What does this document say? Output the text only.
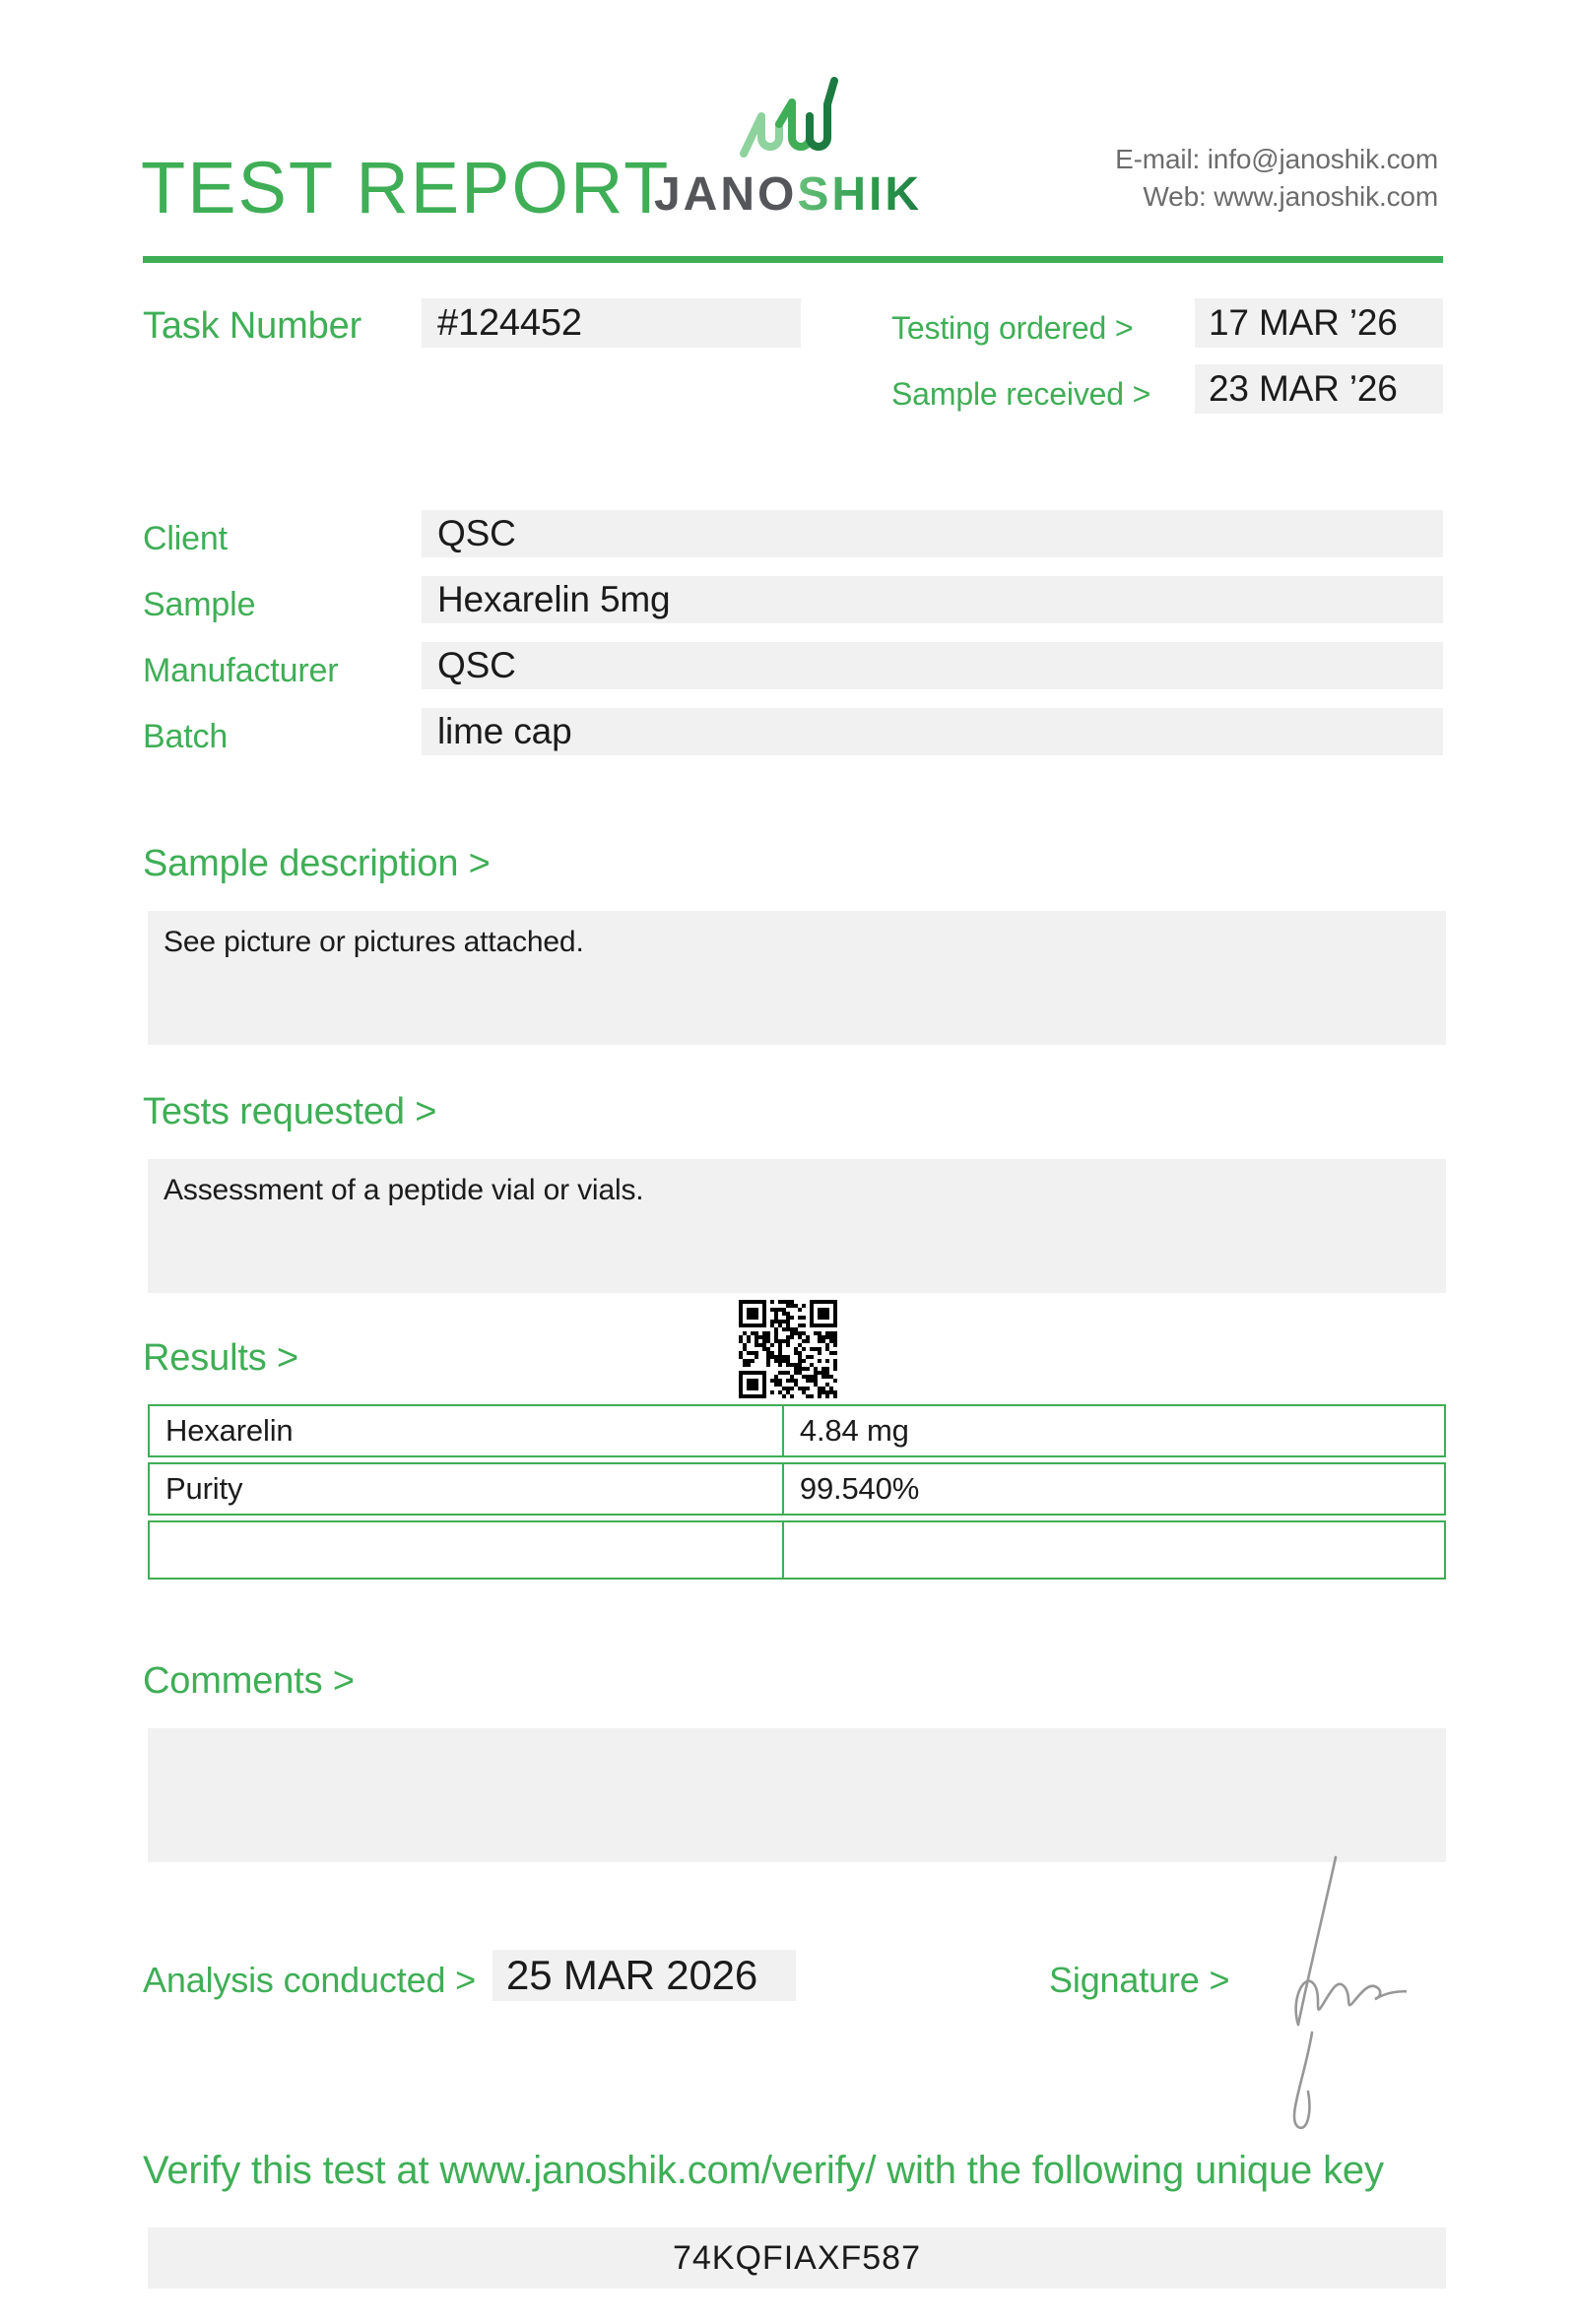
TEST REPORT
JANOSHIK
E-mail: info@janoshik.com
Web: www.janoshik.com
Task Number	#124452	Testing ordered >	17 MAR ’26
Sample received >	23 MAR ’26
Client	QSC
Sample	Hexarelin 5mg
Manufacturer	QSC
Batch	lime cap
Sample description >
See picture or pictures attached.
Tests requested >
Assessment of a peptide vial or vials.
Results >
Hexarelin	4.84 mg
Purity	99.540%
Comments >
Analysis conducted > 25 MAR 2026	Signature >
Verify this test at www.janoshik.com/verify/ with the following unique key
74KQFIAXF587
